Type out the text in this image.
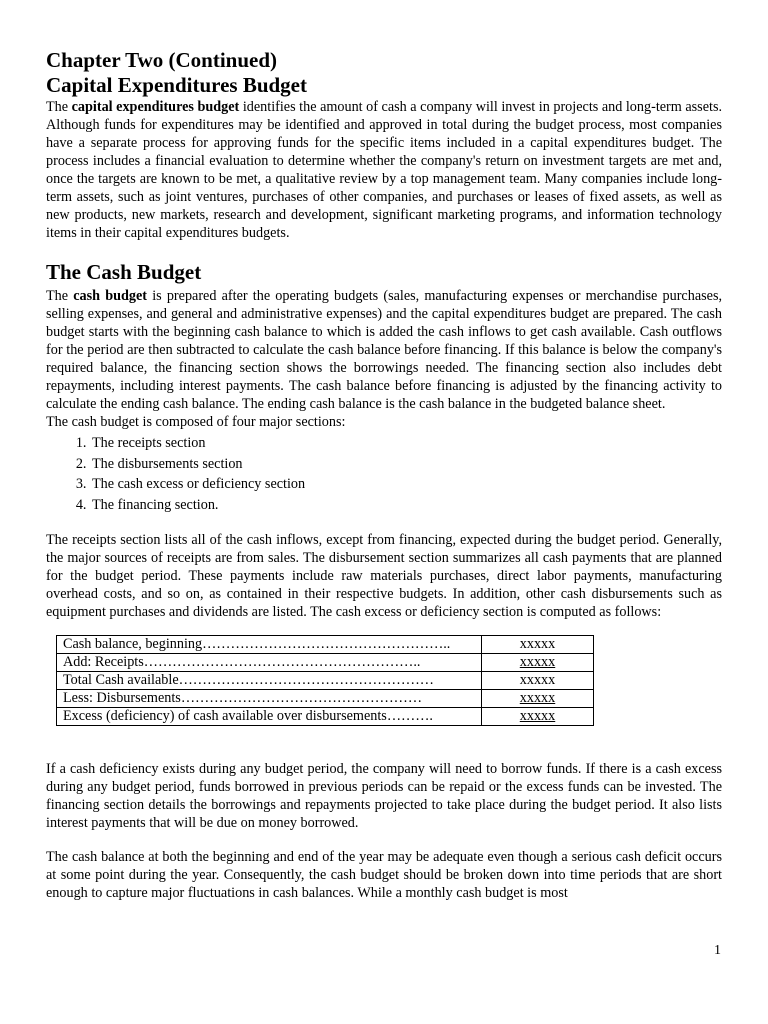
Chapter Two (Continued)
Capital Expenditures Budget

The capital expenditures budget identifies the amount of cash a company will invest in projects and long-term assets. Although funds for expenditures may be identified and approved in total during the budget process, most companies have a separate process for approving funds for the specific items included in a capital expenditures budget. The process includes a financial evaluation to determine whether the company's return on investment targets are met and, once the targets are known to be met, a qualitative review by a top management team. Many companies include long-term assets, such as joint ventures, purchases of other companies, and purchases or leases of fixed assets, as well as new products, new markets, research and development, significant marketing programs, and information technology items in their capital expenditures budgets.

The Cash Budget

The cash budget is prepared after the operating budgets (sales, manufacturing expenses or merchandise purchases, selling expenses, and general and administrative expenses) and the capital expenditures budget are prepared. The cash budget starts with the beginning cash balance to which is added the cash inflows to get cash available. Cash outflows for the period are then subtracted to calculate the cash balance before financing. If this balance is below the company's required balance, the financing section shows the borrowings needed. The financing section also includes debt repayments, including interest payments. The cash balance before financing is adjusted by the financing activity to calculate the ending cash balance. The ending cash balance is the cash balance in the budgeted balance sheet.

The cash budget is composed of four major sections:

1. The receipts section
2. The disbursements section
3. The cash excess or deficiency section
4. The financing section.

The receipts section lists all of the cash inflows, except from financing, expected during the budget period. Generally, the major sources of receipts are from sales. The disbursement section summarizes all cash payments that are planned for the budget period. These payments include raw materials purchases, direct labor payments, manufacturing overhead costs, and so on, as contained in their respective budgets. In addition, other cash disbursements such as equipment purchases and dividends are listed. The cash excess or deficiency section is computed as follows:

Cash balance, beginning……………………………………………..	xxxxx
Add: Receipts…………………………………………………..	xxxxx
Total Cash available………………………………………………	xxxxx
Less: Disbursements……………………………………………	xxxxx
Excess (deficiency) of cash available over disbursements……….	xxxxx

If a cash deficiency exists during any budget period, the company will need to borrow funds. If there is a cash excess during any budget period, funds borrowed in previous periods can be repaid or the excess funds can be invested. The financing section details the borrowings and repayments projected to take place during the budget period. It also lists interest payments that will be due on money borrowed.

The cash balance at both the beginning and end of the year may be adequate even though a serious cash deficit occurs at some point during the year. Consequently, the cash budget should be broken down into time periods that are short enough to capture major fluctuations in cash balances. While a monthly cash budget is most

1
